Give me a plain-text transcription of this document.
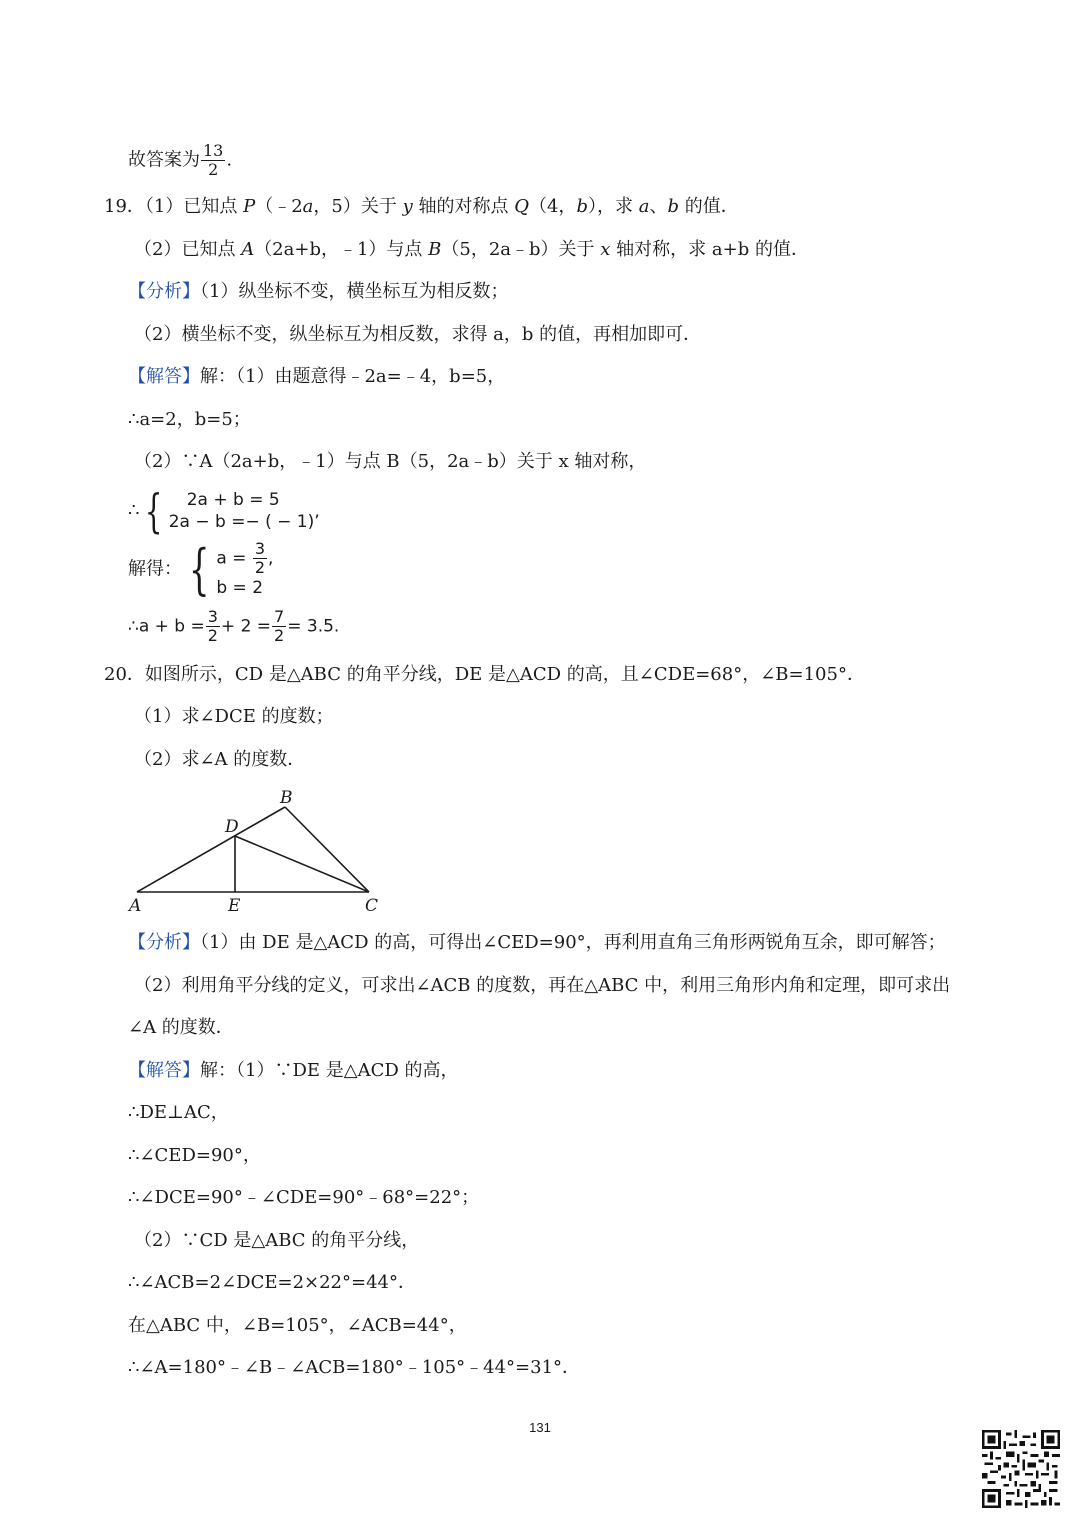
故答案为 $\frac{13}{2}$ .
19．（1）已知点 P（﹣2a，5）关于 y 轴的对称点 Q（4，b），求 a、b 的值．
（2）已知点 A（2a+b，﹣1）与点 B（5，2a﹣b）关于 x 轴对称，求 a+b 的值．
【分析】（1）纵坐标不变，横坐标互为相反数；
（2）横坐标不变，纵坐标互为相反数，求得 a，b 的值，再相加即可．
【解答】解：（1）由题意得﹣2a=﹣4，b=5，
∴a=2，b=5；
（2）∵A（2a+b，﹣1）与点 B（5，2a﹣b）关于 x 轴对称，
∴ {	2a + b = 5
2a − b =− ( − 1)’
解得： { $a = \frac{3}{2}$ ,
b = 2
∴a + $b = \frac{3}{2} + 2 = \frac{7}{2} = 3.5$.
20．如图所示，CD 是△ABC 的角平分线，DE 是△ACD 的高，且∠CDE=68°，∠B=105°．
（1）求∠DCE 的度数；
（2）求∠A 的度数．
A
B
C
D
E
【分析】（1）由 DE 是△ACD 的高，可得出∠CED=90°，再利用直角三角形两锐角互余，即可解答；
（2）利用角平分线的定义，可求出∠ACB 的度数，再在△ABC 中，利用三角形内角和定理，即可求出
∠A 的度数．
【解答】解：（1）∵DE 是△ACD 的高，
∴DE⊥AC，
∴∠CED=90°，
∴∠DCE=90°﹣∠CDE=90°﹣68°=22°；
（2）∵CD 是△ABC 的角平分线，
∴∠ACB=2∠DCE=2×22°=44°．
在△ABC 中，∠B=105°，∠ACB=44°，
∴∠A=180°﹣∠B﹣∠ACB=180°﹣105°﹣44°=31°．
131
